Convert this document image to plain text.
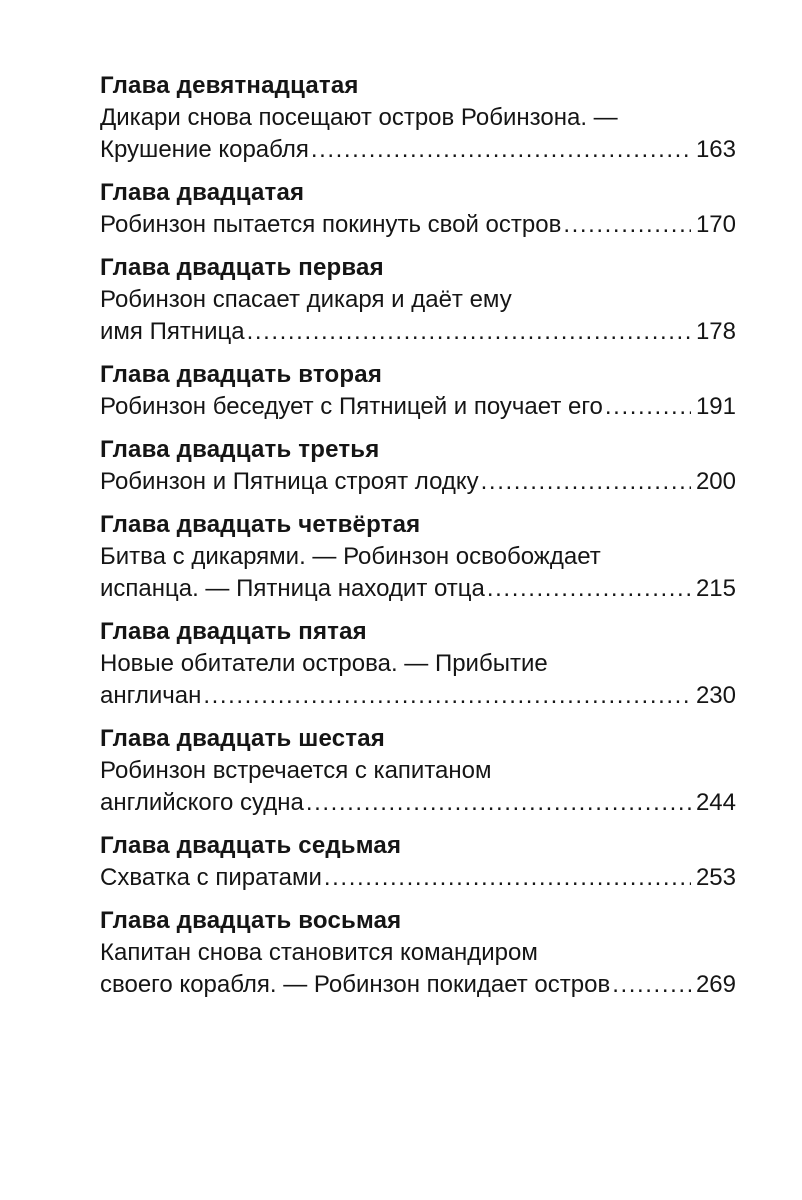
Глава девятнадцатая
Дикари снова посещают остров Робинзона. —
Крушение корабля .....	163
Глава двадцатая
Робинзон пытается покинуть свой остров .....	170
Глава двадцать первая
Робинзон спасает дикаря и даёт ему
имя Пятница .....	178
Глава двадцать вторая
Робинзон беседует с Пятницей и поучает его .....	191
Глава двадцать третья
Робинзон и Пятница строят лодку .....	200
Глава двадцать четвёртая
Битва с дикарями. — Робинзон освобождает
испанца. — Пятница находит отца .....	215
Глава двадцать пятая
Новые обитатели острова. — Прибытие
англичан .....	230
Глава двадцать шестая
Робинзон встречается с капитаном
английского судна .....	244
Глава двадцать седьмая
Схватка с пиратами .....	253
Глава двадцать восьмая
Капитан снова становится командиром
своего корабля. — Робинзон покидает остров .....	269
